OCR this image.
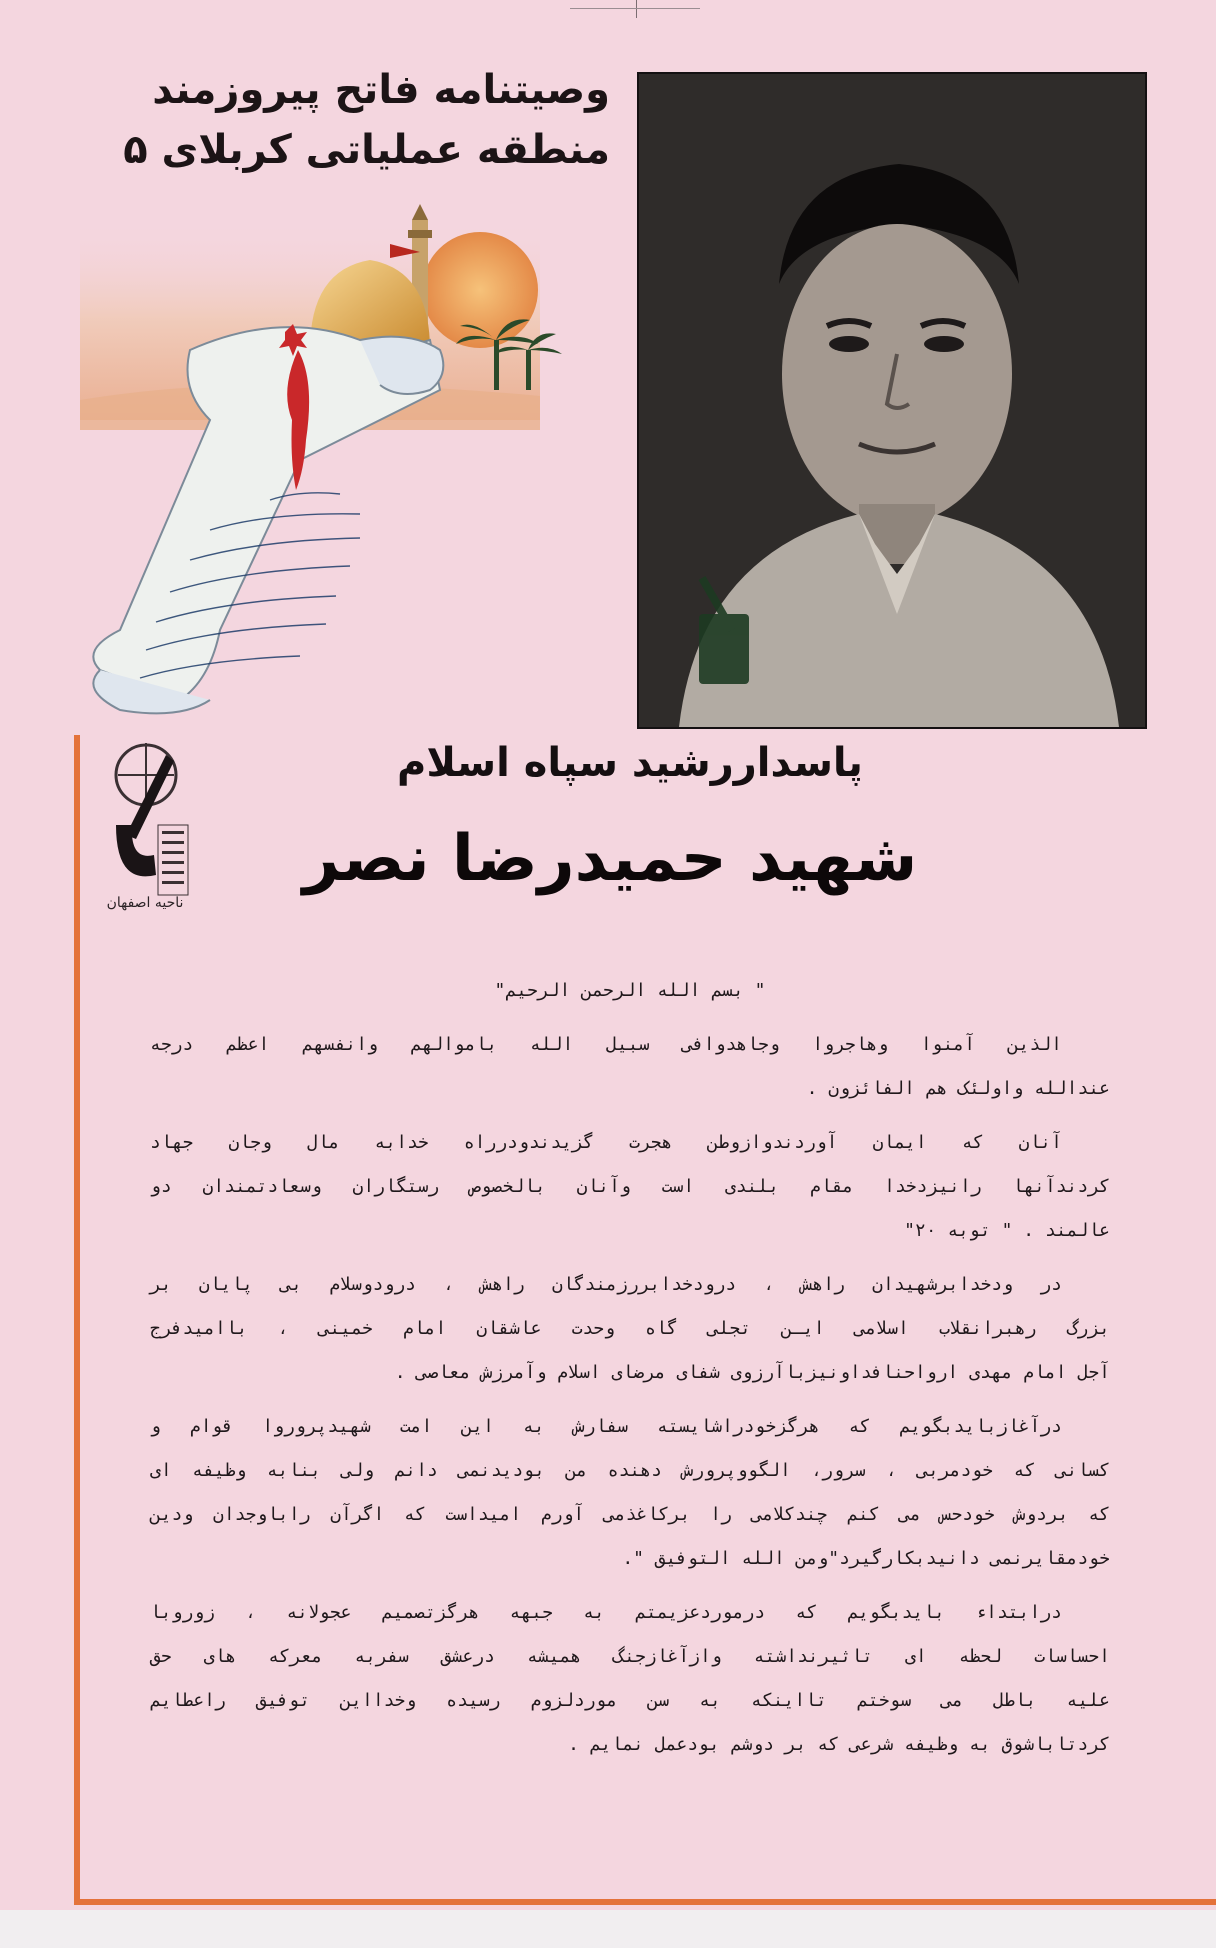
وصیتنامه فاتح پیروزمند
منطقه عملیاتی کربلای ۵
ناحیه اصفهان
پاسداررشید سپاه اسلام
شهید حمیدرضا نصر

" بسم الله الرحمن الرحیم"

الذین آمنوا وهاجروا وجاهدوافی سبیل الله باموالهم وانفسهم اعظم درجه
عندالله واولئک هم الفائزون .
آنان که ایمان آوردندوازوطن هجرت گزیدندودرراه خدابه مال وجان جهاد
کردندآنها رانیزدخدا مقام بلندی است وآنان بالخصوص رستگاران وسعادتمندان دو
عالمند . " توبه ۲۰"
در ودخدابرشهیدان راهش ، درودخدابررزمندگان راهش ، درودوسلام بی پایان بر
بزرگ رهبرانقلاب اسلامی ایـن تجلی گاه وحدت عاشقان امام خمینی ، باامیدفرج
آجل امام مهدی ارواحنافداونیزباآرزوی شفای مرضای اسلام وآمرزش معاصی .
درآغازبایدبگویم که هرگزخودراشایسته سفارش به این امت شهیدپروروا قوام و
کسانی که خودمربی ، سرور، الگووپرورش دهنده من بودیدنمی دانم ولی بنابه وظیفه ای
که بردوش خودحس می کنم چندکلامی را برکاغذمی آورم امیداست که اگرآن راباوجدان ودین
خودمقایرنمی دانیدبکارگیرد"ومن الله التوفیق ".
درابتداء بایدبگویم که درموردعزیمتم به جبهه هرگزتصمیم عجولانه ، زوروبا
احساسات لحظه ای تاثیرنداشته وازآغازجنگ همیشه درعشق سفربه معرکه های حق
علیه باطل می سوختم تااینکه به سن موردلزوم رسیده وخدااین توفیق راعطایم
کردتاباشوق به وظیفه شرعی که بر دوشم بودعمل نمایم .
